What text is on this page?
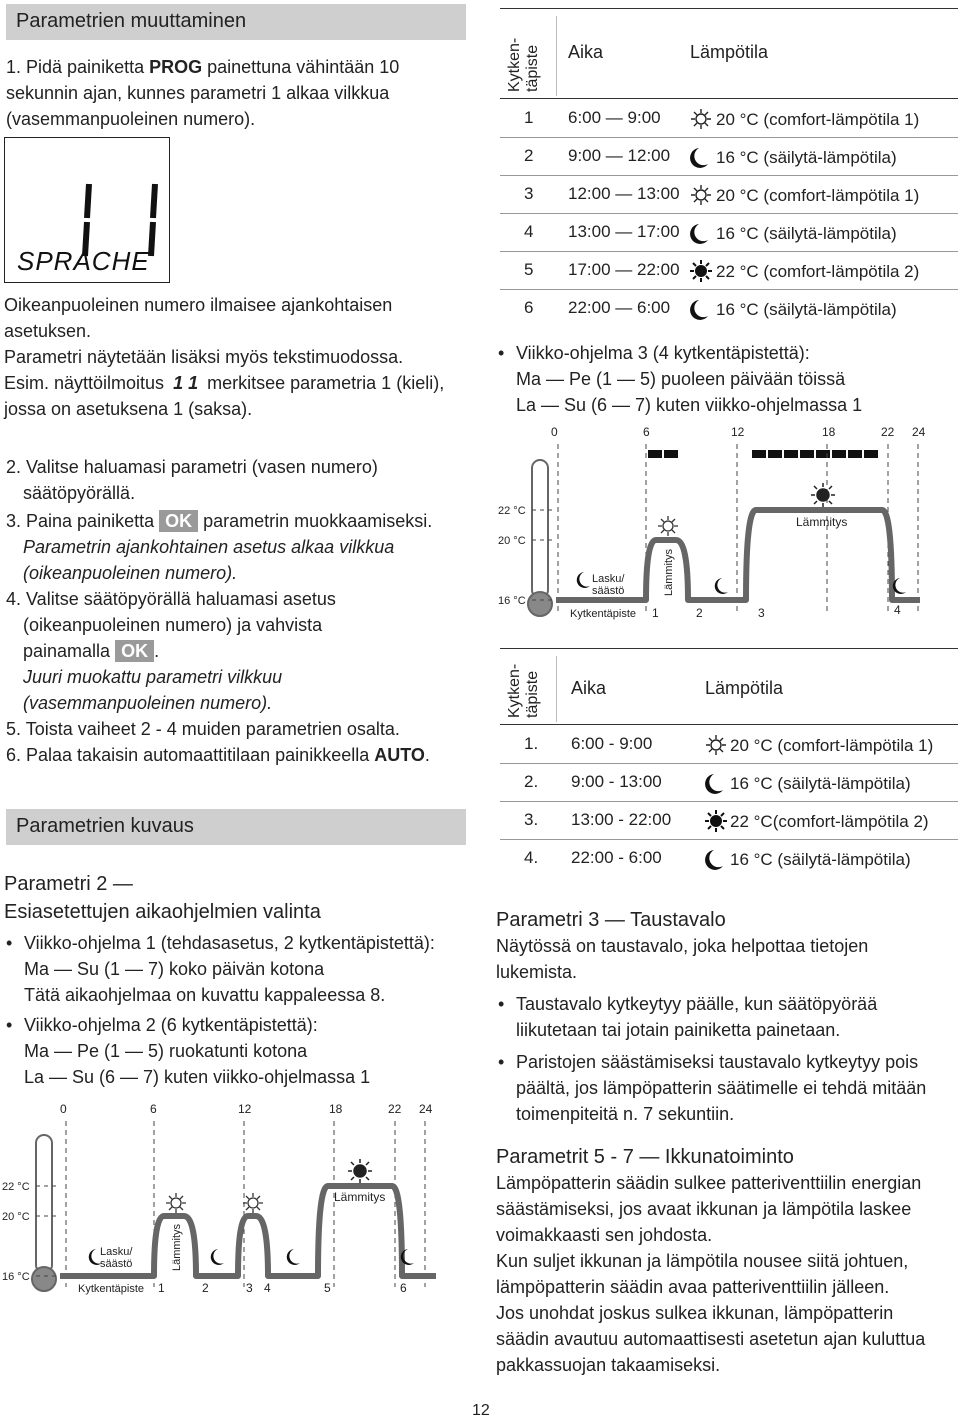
Parametrien muuttaminen
1. Pidä painiketta PROG painettuna vähintään 10
sekunnin ajan, kunnes parametri 1 alkaa vilkkua
(vasemmanpuoleinen numero).
SPRACHE
Oikeanpuoleinen numero ilmaisee ajankohtaisen
asetuksen.
Parametri näytetään lisäksi myös tekstimuodossa.
Esim. näyttöilmoitus 1 1 merkitsee parametria 1 (kieli),
jossa on asetuksena 1 (saksa).
2. Valitse haluamasi parametri (vasen numero)
säätöpyörällä.
3. Paina painiketta OK parametrin muokkaamiseksi.
Parametrin ajankohtainen asetus alkaa vilkkua
(oikeanpuoleinen numero).
4. Valitse säätöpyörällä haluamasi asetus
(oikeanpuoleinen numero) ja vahvista
painamalla OK .
Juuri muokattu parametri vilkkuu
(vasemmanpuoleinen numero).
5. Toista vaiheet 2 - 4 muiden parametrien osalta.
6. Palaa takaisin automaattitilaan painikkeella AUTO.
Parametrien kuvaus
Parametri 2 —
Esiasetettujen aikaohjelmien valinta
• Viikko-ohjelma 1 (tehdasasetus, 2 kytkentäpistettä):
Ma — Su (1 — 7) koko päivän kotona
Tätä aikaohjelmaa on kuvattu kappaleessa 8.
• Viikko-ohjelma 2 (6 kytkentäpistettä):
Ma — Pe (1 — 5) ruokatunti kotona
La — Su (6 — 7) kuten viikko-ohjelmassa 1
0	6	12	18	22 24
22 °C
20 °C
16 °C
Lämmitys
Lämmitys
Lasku/
säästö
Kytkentäpiste 1	2	3 4	5	6
Kytken- täpiste Aika	Lämpötila
1 6:00 — 9:00	20 °C (comfort-lämpötila 1)
2 9:00 — 12:00	16 °C (säilytä-lämpötila)
3 12:00 — 13:00 20 °C (comfort-lämpötila 1)
4 13:00 — 17:00 16 °C (säilytä-lämpötila)
5 17:00 — 22:00 22 °C (comfort-lämpötila 2)
6 22:00 — 6:00	16 °C (säilytä-lämpötila)
• Viikko-ohjelma 3 (4 kytkentäpistettä):
Ma — Pe (1 — 5) puoleen päivään töissä
La — Su (6 — 7) kuten viikko-ohjelmassa 1
0	6	12	18	22 24
22 °C
20 °C
16 °C
Lämmitys
Lämmitys
Lasku/
säästö
Kytkentäpiste 1	2	3	4
Kytken- täpiste Aika	Lämpötila
1. 6:00 - 9:00	20 °C (comfort-lämpötila 1)
2. 9:00 - 13:00	16 °C (säilytä-lämpötila)
3. 13:00 - 22:00	22 °C(comfort-lämpötila 2)
4. 22:00 - 6:00	16 °C (säilytä-lämpötila)
Parametri 3 — Taustavalo
Näytössä on taustavalo, joka helpottaa tietojen
lukemista.
• Taustavalo kytkeytyy päälle, kun säätöpyörää
liikutetaan tai jotain painiketta painetaan.
• Paristojen säästämiseksi taustavalo kytkeytyy pois
päältä, jos lämpöpatterin säätimelle ei tehdä mitään
toimenpiteitä n. 7 sekuntiin.
Parametrit 5 - 7 — Ikkunatoiminto
Lämpöpatterin säädin sulkee patteriventtiilin energian
säästämiseksi, jos avaat ikkunan ja lämpötila laskee
voimakkaasti sen johdosta.
Kun suljet ikkunan ja lämpötila nousee siitä johtuen,
lämpöpatterin säädin avaa patteriventtiilin jälleen.
Jos unohdat joskus sulkea ikkunan, lämpöpatterin
säädin avautuu automaattisesti asetetun ajan kuluttua
pakkassuojan takaamiseksi.
12
